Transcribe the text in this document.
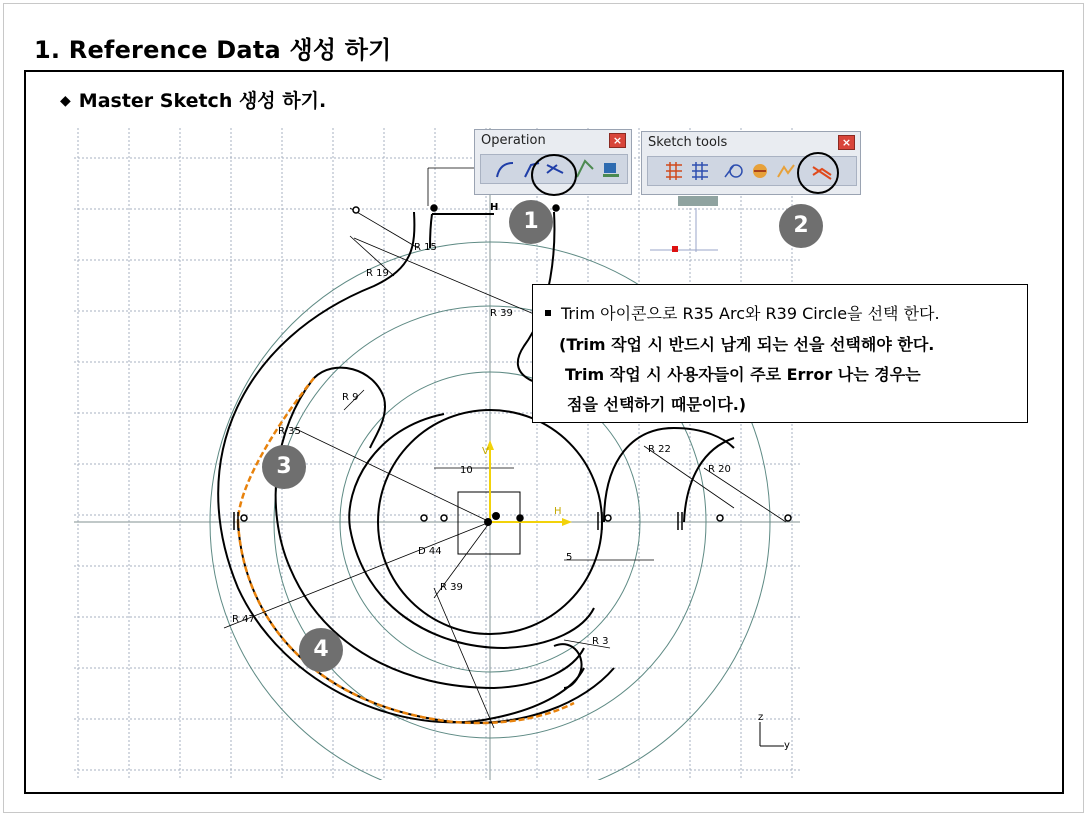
1. Reference Data 생성 하기
◆ Master Sketch 생성 하기.
R 15
R 19
R 39
R 9
R 35
R 22
R 20
10
5
D 44
R 39
R 47
R 3
V
H
H
z
y
Operation	× Sketch tools	×
1	2
3
4
Trim 아이콘으로 R35 Arc와 R39 Circle을 선택 한다.
(Trim 작업 시 반드시 남게 되는 선을 선택해야 한다.
Trim 작업 시 사용자들이 주로 Error 나는 경우는
점을 선택하기 때문이다.)
